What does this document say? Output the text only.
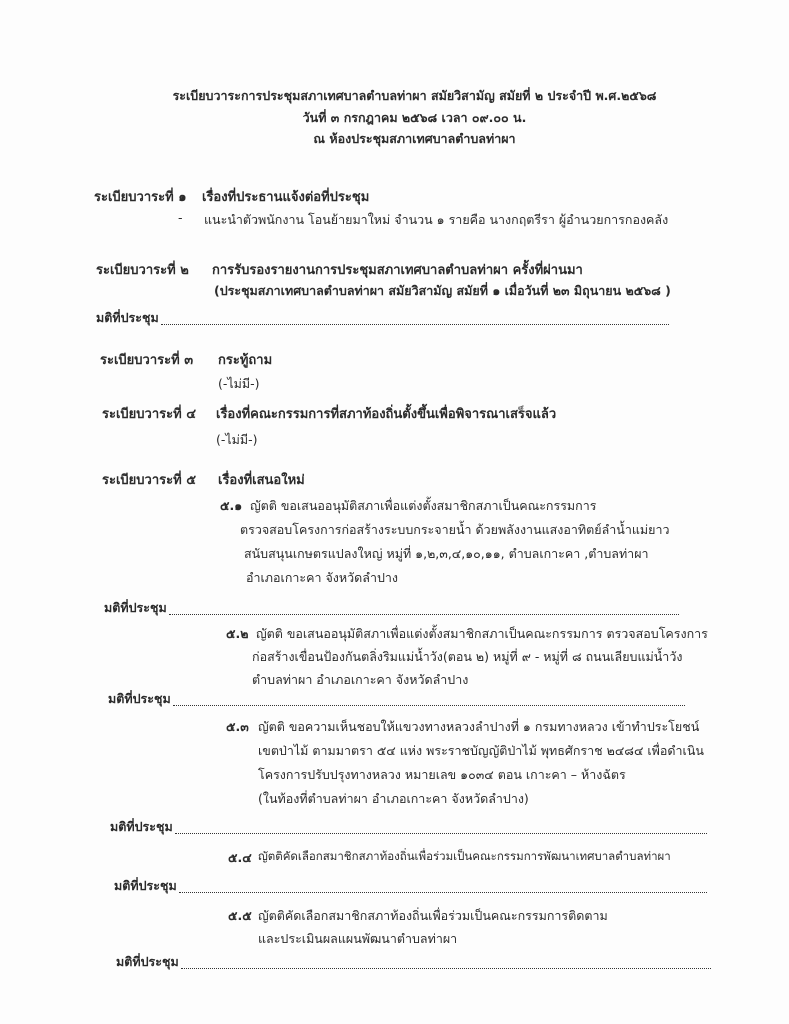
ระเบียบวาระการประชุมสภาเทศบาลตำบลท่าผา สมัยวิสามัญ สมัยที่ ๒ ประจำปี พ.ศ.๒๕๖๘
วันที่ ๓ กรกฎาคม ๒๕๖๘ เวลา ๐๙.๐๐ น.
ณ ห้องประชุมสภาเทศบาลตำบลท่าผา
ระเบียบวาระที่ ๑ เรื่องที่ประธานแจ้งต่อที่ประชุม
- แนะนำตัวพนักงาน โอนย้ายมาใหม่ จำนวน ๑ รายคือ นางกฤตรีรา ผู้อำนวยการกองคลัง
ระเบียบวาระที่ ๒ การรับรองรายงานการประชุมสภาเทศบาลตำบลท่าผา ครั้งที่ผ่านมา
(ประชุมสภาเทศบาลตำบลท่าผา สมัยวิสามัญ สมัยที่ ๑ เมื่อวันที่ ๒๓ มิถุนายน ๒๕๖๘ )
มติที่ประชุม
ระเบียบวาระที่ ๓ กระทู้ถาม
(-ไม่มี-)
ระเบียบวาระที่ ๔ เรื่องที่คณะกรรมการที่สภาท้องถิ่นตั้งขึ้นเพื่อพิจารณาเสร็จแล้ว
(-ไม่มี-)
ระเบียบวาระที่ ๕ เรื่องที่เสนอใหม่
๕.๑ ญัตติ ขอเสนออนุมัติสภาเพื่อแต่งตั้งสมาชิกสภาเป็นคณะกรรมการ
ตรวจสอบโครงการก่อสร้างระบบกระจายน้ำ ด้วยพลังงานแสงอาทิตย์ลำน้ำแม่ยาว
สนับสนุนเกษตรแปลงใหญ่ หมู่ที่ ๑,๒,๓,๔,๑๐,๑๑, ตำบลเกาะคา ,ตำบลท่าผา
อำเภอเกาะคา จังหวัดลำปาง
มติที่ประชุม
๕.๒ ญัตติ ขอเสนออนุมัติสภาเพื่อแต่งตั้งสมาชิกสภาเป็นคณะกรรมการ ตรวจสอบโครงการ
ก่อสร้างเขื่อนป้องกันตลิ่งริมแม่น้ำวัง(ตอน ๒) หมู่ที่ ๙ - หมู่ที่ ๘ ถนนเลียบแม่น้ำวัง
ตำบลท่าผา อำเภอเกาะคา จังหวัดลำปาง
มติที่ประชุม
๕.๓ ญัตติ ขอความเห็นชอบให้แขวงทางหลวงลำปางที่ ๑ กรมทางหลวง เข้าทำประโยชน์
เขตป่าไม้ ตามมาตรา ๕๔ แห่ง พระราชบัญญัติป่าไม้ พุทธศักราช ๒๔๘๔ เพื่อดำเนิน
โครงการปรับปรุงทางหลวง หมายเลข ๑๐๓๔ ตอน เกาะคา – ห้างฉัตร
(ในท้องที่ตำบลท่าผา อำเภอเกาะคา จังหวัดลำปาง)
มติที่ประชุม
๕.๔ ญัตติคัดเลือกสมาชิกสภาท้องถิ่นเพื่อร่วมเป็นคณะกรรมการพัฒนาเทศบาลตำบลท่าผา
มติที่ประชุม
๕.๕ ญัตติคัดเลือกสมาชิกสภาท้องถิ่นเพื่อร่วมเป็นคณะกรรมการติดตาม
และประเมินผลแผนพัฒนาตำบลท่าผา
มติที่ประชุม
